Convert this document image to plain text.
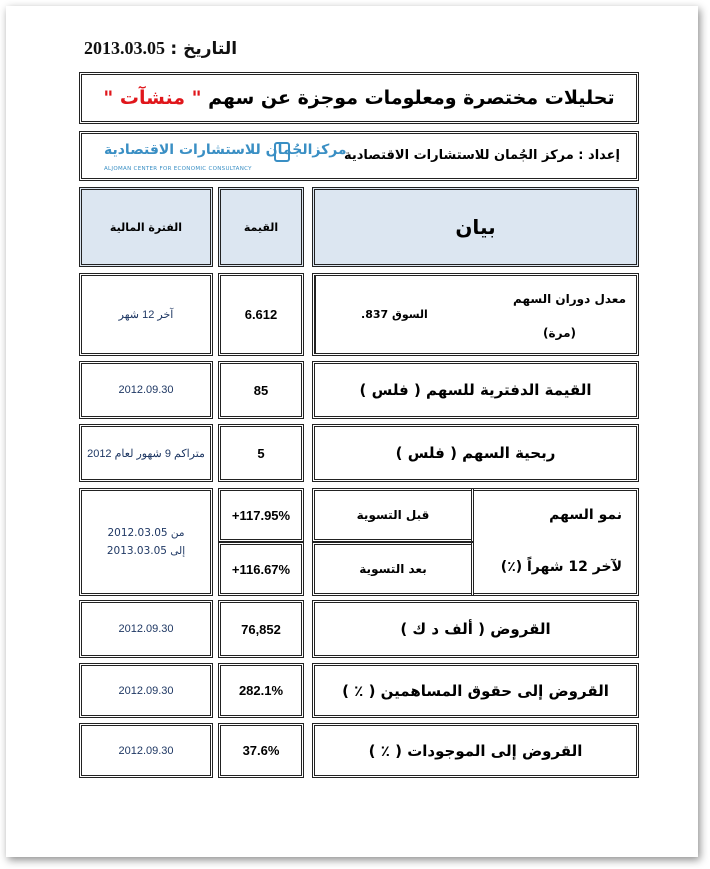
التاريخ : 2013.03.05
تحليلات مختصرة ومعلومات موجزة عن سهم

" منشآت "
إعداد : مركز الجُمان للاستشارات الاقتصادية
مركزالجُمان للاستشارات الاقتصادية
ALJOMAN CENTER FOR ECONOMIC CONSULTANCY
بيان
القيمة
الفترة المالية
معدل دوران السهم
(مرة)
السوق 837.
6.612
آخر 12 شهر
القيمة الدفترية للسهم ( فلس )
85
2012.09.30
ربحية السهم ( فلس )
5
متراكم 9 شهور لعام 2012
نمو السهم
لآخر 12 شهراً (٪)
قبل التسوية
بعد التسوية
+117.95%
+116.67%
من 2012.03.05
إلى 2013.03.05
القروض ( ألف د ك )
76,852
2012.09.30
القروض إلى حقوق المساهمين ( ٪ )
282.1%
2012.09.30
القروض إلى الموجودات ( ٪ )
37.6%
2012.09.30
